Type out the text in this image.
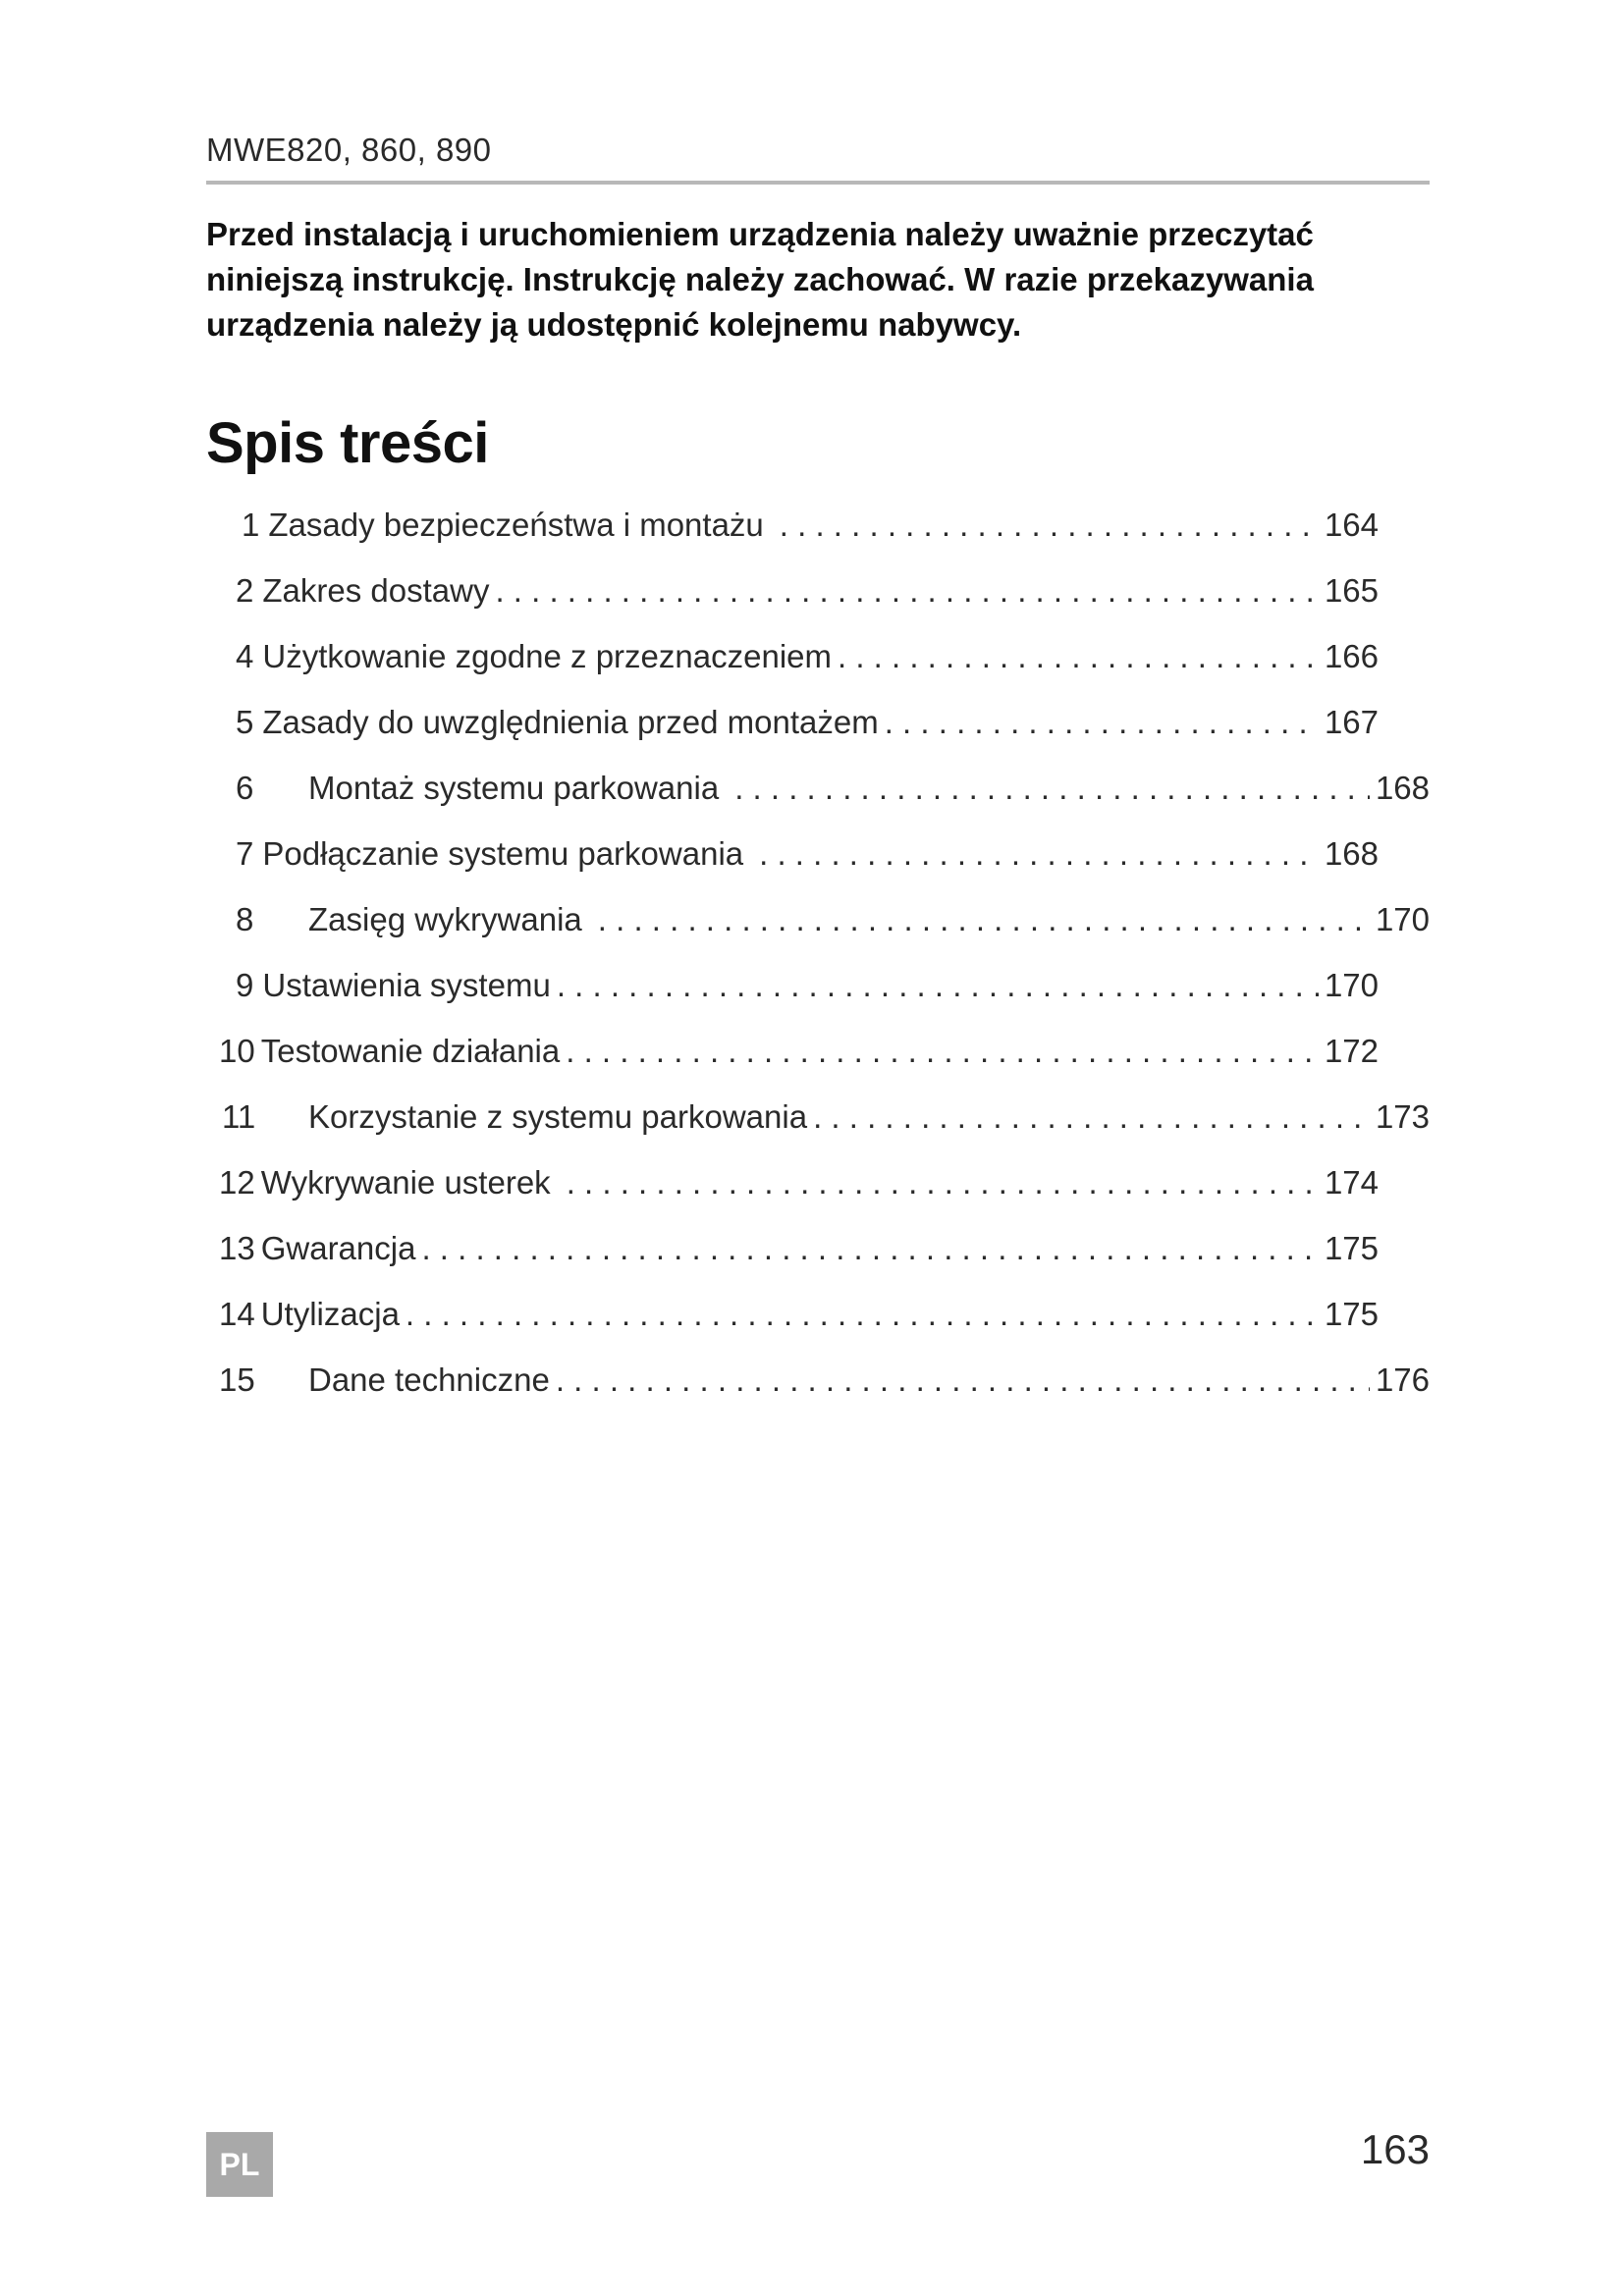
MWE820, 860, 890
Przed instalacją i uruchomieniem urządzenia należy uważnie przeczytać
niniejszą instrukcję. Instrukcję należy zachować. W razie przekazywania
urządzenia należy ją udostępnić kolejnemu nabywcy.
Spis treści
1 Zasady bezpieczeństwa i montażu . . .	164
2 Zakres dostawy . . .	165
4 Użytkowanie zgodne z przeznaczeniem . . .	166
5 Zasady do uwzględnienia przed montażem . . .	167
6	Montaż systemu parkowania . . .	168
7 Podłączanie systemu parkowania . . .	168
8	Zasięg wykrywania . . .	170
9 Ustawienia systemu . . .	170
10 Testowanie działania . . .	172
11	Korzystanie z systemu parkowania . . .	173
12 Wykrywanie usterek . . .	174
13 Gwarancja . . .	175
14 Utylizacja . . .	175
15	Dane techniczne . . .	176
PL	163
